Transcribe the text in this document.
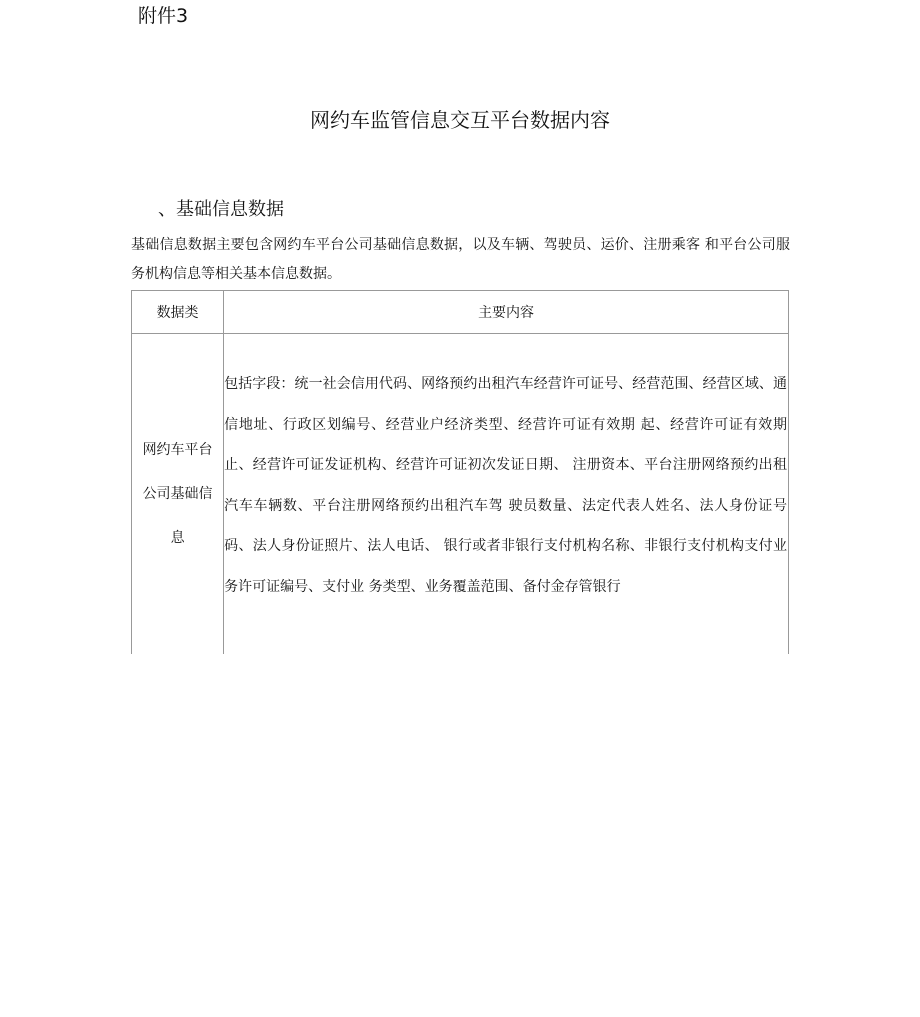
附件3
网约车监管信息交互平台数据内容
、基础信息数据
基础信息数据主要包含网约车平台公司基础信息数据，以及车辆、驾驶员、运价、注册乘客 和平台公司服务机构信息等相关基本信息数据。
数据类	主要内容

网约车平台公司基础信息	包括字段：统一社会信用代码、网络预约出租汽车经营许可证号、经营范围、经营区域、通信地址、行政区划编号、经营业户经济类型、经营许可证有效期 起、经营许可证有效期止、经营许可证发证机构、经营许可证初次发证日期、 注册资本、平台注册网络预约出租汽车车辆数、平台注册网络预约出租汽车驾 驶员数量、法定代表人姓名、法人身份证号码、法人身份证照片、法人电话、 银行或者非银行支付机构名称、非银行支付机构支付业务许可证编号、支付业 务类型、业务覆盖范围、备付金存管银行
